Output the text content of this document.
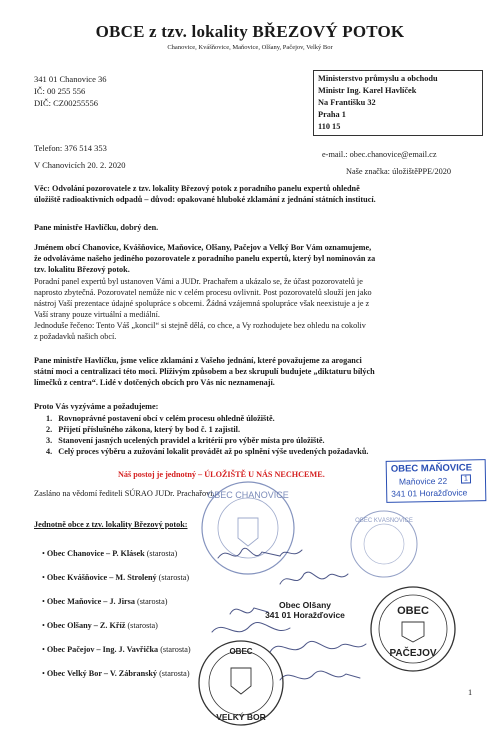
OBCE z tzv. lokality BŘEZOVÝ POTOK
Chanovice, Kvášňovice, Maňovice, Olšany, Pačejov, Velký Bor
341 01 Chanovice 36
IČ: 00 255 556
DIČ: CZ00255556
Ministerstvo průmyslu a obchodu
Ministr Ing. Karel Havlíček
Na Františku 32
Praha 1
110 15
Telefon: 376 514 353
e-mail.: obec.chanovice@email.cz
V Chanovicích 20. 2. 2020
Naše značka: úložištěPPE/2020
Věc: Odvolání pozorovatele z tzv. lokality Březový potok z poradního panelu expertů ohledně
úložiště radioaktivních odpadů – důvod: opakované hluboké zklamání z jednání státních institucí.
Pane ministře Havlíčku, dobrý den.
Jménem obcí Chanovice, Kvášňovice, Maňovice, Olšany, Pačejov a Velký Bor Vám oznamujeme,
že odvoláváme našeho jediného pozorovatele z poradního panelu expertů, který byl nominován za
tzv. lokalitu Březový potok.
Poradní panel expertů byl ustanoven Vámi a JUDr. Prachařem a ukázalo se, že účast pozorovatelů je
naprosto zbytečná. Pozorovatel nemůže nic v celém procesu ovlivnit. Post pozorovatelů slouží jen jako
nástroj Vaší prezentace údajné spolupráce s obcemi. Žádná vzájemná spolupráce však neexistuje a je z
Vaší strany pouze virtuální a mediální.
Jednoduše řečeno: Tento Váš „koncil“ si stejně dělá, co chce, a Vy rozhodujete bez ohledu na cokoliv
z požadavků našich obcí.
Pane ministře Havlíčku, jsme velice zklamáni z Vašeho jednání, které považujeme za aroganci
státní moci a centralizaci této moci. Plíživým způsobem a bez skrupulí budujete „diktaturu bílých
límečků z centra“. Lidé v dotčených obcích pro Vás nic neznamenají.
Proto Vás vyzýváme a požadujeme:
1.   Rovnoprávné postavení obcí v celém procesu ohledně úložiště.
2.   Přijetí příslušného zákona, který by bod č. 1 zajistil.
3.   Stanovení jasných ucelených pravidel a kritérií pro výběr místa pro úložiště.
4.   Celý proces výběru a zužování lokalit provádět až po splnění výše uvedených požadavků.
Náš postoj je jednotný – ÚLOŽIŠTĚ U NÁS NECHCEME.	OBEC MAŇOVICE
Maňovice 22	1
341 01 Horažďovice
Zasláno na vědomí řediteli SÚRAO JUDr. Prachařovi.
OBEC CHANOVICE
OBEC KVÁŠŇOVICE
Jednotně obce z tzv. lokality Březový potok:
• Obec Chanovice – P. Klásek (starosta)
• Obec Kvášňovice – M. Strolený (starosta)
• Obec Maňovice – J. Jirsa (starosta)
• Obec Olšany – Z. Kříž (starosta)
• Obec Pačejov – Ing. J. Vavřička (starosta)
• Obec Velký Bor – V. Zábranský (starosta)
Obec Olšany
341 01 Horažďovice	OBEC
PAČEJOV
OBEC
VELKÝ BOR
1
